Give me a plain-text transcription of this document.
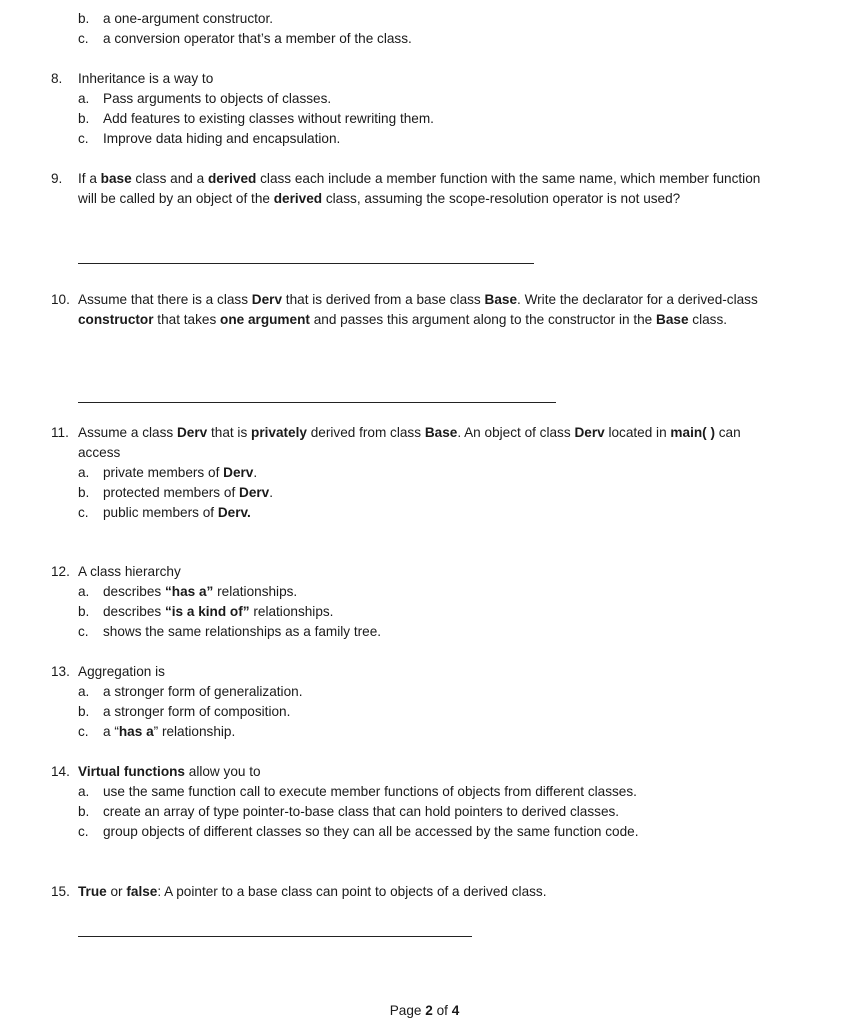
b. a one-argument constructor.
c. a conversion operator that’s a member of the class.
8. Inheritance is a way to
a. Pass arguments to objects of classes.
b. Add features to existing classes without rewriting them.
c. Improve data hiding and encapsulation.
9. If a base class and a derived class each include a member function with the same name, which member function
will be called by an object of the derived class, assuming the scope-resolution operator is not used?
10. Assume that there is a class Derv that is derived from a base class Base. Write the declarator for a derived-class
constructor that takes one argument and passes this argument along to the constructor in the Base class.
11. Assume a class Derv that is privately derived from class Base. An object of class Derv located in main( ) can
access
a. private members of Derv.
b. protected members of Derv.
c. public members of Derv.
12. A class hierarchy
a. describes “has a” relationships.
b. describes “is a kind of” relationships.
c. shows the same relationships as a family tree.
13. Aggregation is
a. a stronger form of generalization.
b. a stronger form of composition.
c. a “has a” relationship.
14. Virtual functions allow you to
a. use the same function call to execute member functions of objects from different classes.
b. create an array of type pointer-to-base class that can hold pointers to derived classes.
c. group objects of different classes so they can all be accessed by the same function code.
15. True or false: A pointer to a base class can point to objects of a derived class.
Page 2 of 4
